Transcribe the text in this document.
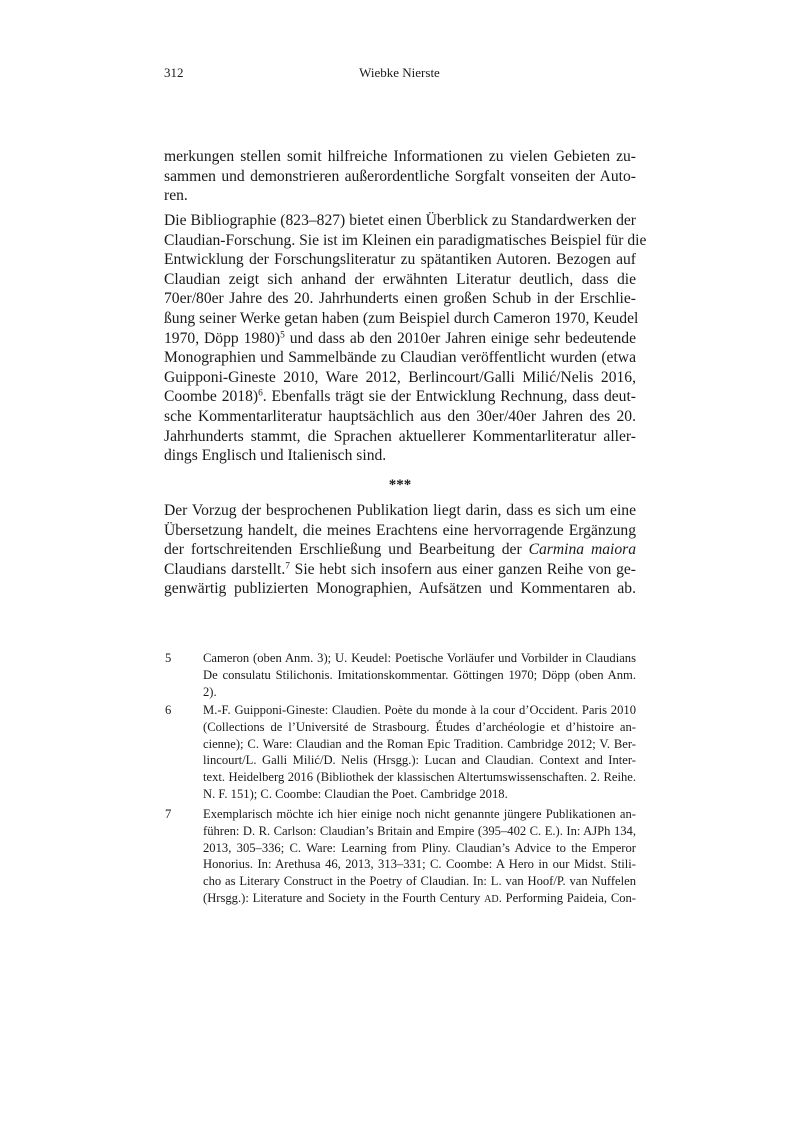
312	Wiebke Nierste
merkungen stellen somit hilfreiche Informationen zu vielen Gebieten zu-
sammen und demonstrieren außerordentliche Sorgfalt vonseiten der Auto-
ren.
Die Bibliographie (823–827) bietet einen Überblick zu Standardwerken der
Claudian-Forschung. Sie ist im Kleinen ein paradigmatisches Beispiel für die
Entwicklung der Forschungsliteratur zu spätantiken Autoren. Bezogen auf
Claudian zeigt sich anhand der erwähnten Literatur deutlich, dass die
70er/80er Jahre des 20. Jahrhunderts einen großen Schub in der Erschlie-
ßung seiner Werke getan haben (zum Beispiel durch Cameron 1970, Keudel
1970, Döpp 1980)$^5$ und dass ab den 2010er Jahren einige sehr bedeutende
Monographien und Sammelbände zu Claudian veröffentlicht wurden (etwa
Guipponi-Gineste 2010, Ware 2012, Berlincourt/Galli Milić/Nelis 2016,
Coombe 2018)$^6$. Ebenfalls trägt sie der Entwicklung Rechnung, dass deut-
sche Kommentarliteratur hauptsächlich aus den 30er/40er Jahren des 20.
Jahrhunderts stammt, die Sprachen aktuellerer Kommentarliteratur aller-
dings Englisch und Italienisch sind.
***
Der Vorzug der besprochenen Publikation liegt darin, dass es sich um eine
Übersetzung handelt, die meines Erachtens eine hervorragende Ergänzung
der fortschreitenden Erschließung und Bearbeitung der Carmina maiora
Claudians darstellt.$^7$ Sie hebt sich insofern aus einer ganzen Reihe von ge-
genwärtig publizierten Monographien, Aufsätzen und Kommentaren ab.
5	Cameron (oben Anm. 3); U. Keudel: Poetische Vorläufer und Vorbilder in Claudians
De consulatu Stilichonis. Imitationskommentar. Göttingen 1970; Döpp (oben Anm.
2).
6	M.-F. Guipponi-Gineste: Claudien. Poète du monde à la cour d’Occident. Paris 2010
(Collections de l’Université de Strasbourg. Études d’archéologie et d’histoire an-
cienne); C. Ware: Claudian and the Roman Epic Tradition. Cambridge 2012; V. Ber-
lincourt/L. Galli Milić/D. Nelis (Hrsgg.): Lucan and Claudian. Context and Inter-
text. Heidelberg 2016 (Bibliothek der klassischen Altertumswissenschaften. 2. Reihe.
N. F. 151); C. Coombe: Claudian the Poet. Cambridge 2018.
7	Exemplarisch möchte ich hier einige noch nicht genannte jüngere Publikationen an-
führen: D. R. Carlson: Claudian’s Britain and Empire (395–402 C. E.). In: AJPh 134,
2013, 305–336; C. Ware: Learning from Pliny. Claudian’s Advice to the Emperor
Honorius. In: Arethusa 46, 2013, 313–331; C. Coombe: A Hero in our Midst. Stili-
cho as Literary Construct in the Poetry of Claudian. In: L. van Hoof/P. van Nuffelen
(Hrsgg.): Literature and Society in the Fourth Century AD. Performing Paideia, Con-
